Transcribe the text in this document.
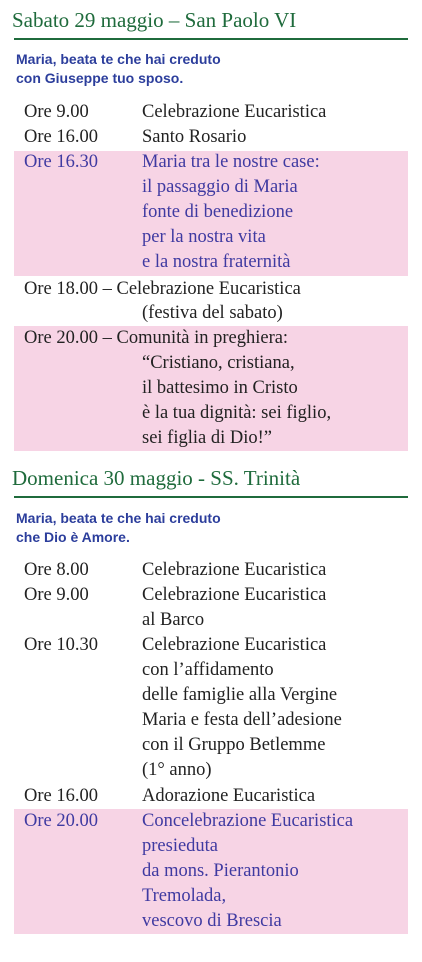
Sabato 29 maggio – San Paolo VI
Maria, beata te che hai creduto
con Giuseppe tuo sposo.
Ore 9.00	Celebrazione Eucaristica
Ore 16.00 Santo Rosario
Ore 16.30 Maria tra le nostre case:
il passaggio di Maria
fonte di benedizione
per la nostra vita
e la nostra fraternità
Ore 18.00 – Celebrazione Eucaristica
(festiva del sabato)
Ore 20.00 – Comunità in preghiera:
“Cristiano, cristiana,
il battesimo in Cristo
è la tua dignità: sei figlio,
sei figlia di Dio!”
Domenica 30 maggio - SS. Trinità
Maria, beata te che hai creduto
che Dio è Amore.
Ore 8.00	Celebrazione Eucaristica
Ore 9.00	Celebrazione Eucaristica
al Barco
Ore 10.30 Celebrazione Eucaristica
con l’affidamento
delle famiglie alla Vergine
Maria e festa dell’adesione
con il Gruppo Betlemme
(1° anno)
Ore 16.00 Adorazione Eucaristica
Ore 20.00 Concelebrazione Eucaristica
presieduta
da mons. Pierantonio
Tremolada,
vescovo di Brescia
